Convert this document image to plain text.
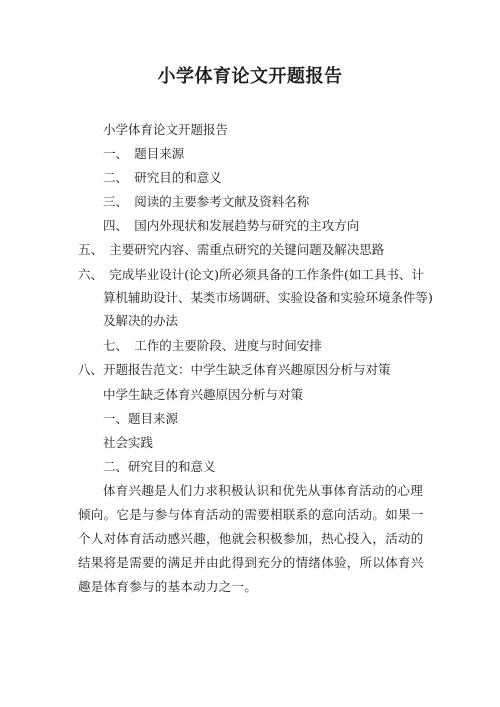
小学体育论文开题报告

小学体育论文开题报告

一、　题目来源

二、　研究目的和意义

三、　阅读的主要参考文献及资料名称

四、　国内外现状和发展趋势与研究的主攻方向

五、　主要研究内容、需重点研究的关键问题及解决思路

六、　完成毕业设计(论文)所必须具备的工作条件(如工具书、计算机辅助设计、某类市场调研、实验设备和实验环境条件等)及解决的办法

七、　工作的主要阶段、进度与时间安排

八、开题报告范文：中学生缺乏体育兴趣原因分析与对策

中学生缺乏体育兴趣原因分析与对策

一、题目来源

社会实践

二、研究目的和意义

体育兴趣是人们力求积极认识和优先从事体育活动的心理倾向。它是与参与体育活动的需要相联系的意向活动。如果一个人对体育活动感兴趣，他就会积极参加，热心投入，活动的结果将是需要的满足并由此得到充分的情绪体验，所以体育兴趣是体育参与的基本动力之一。
